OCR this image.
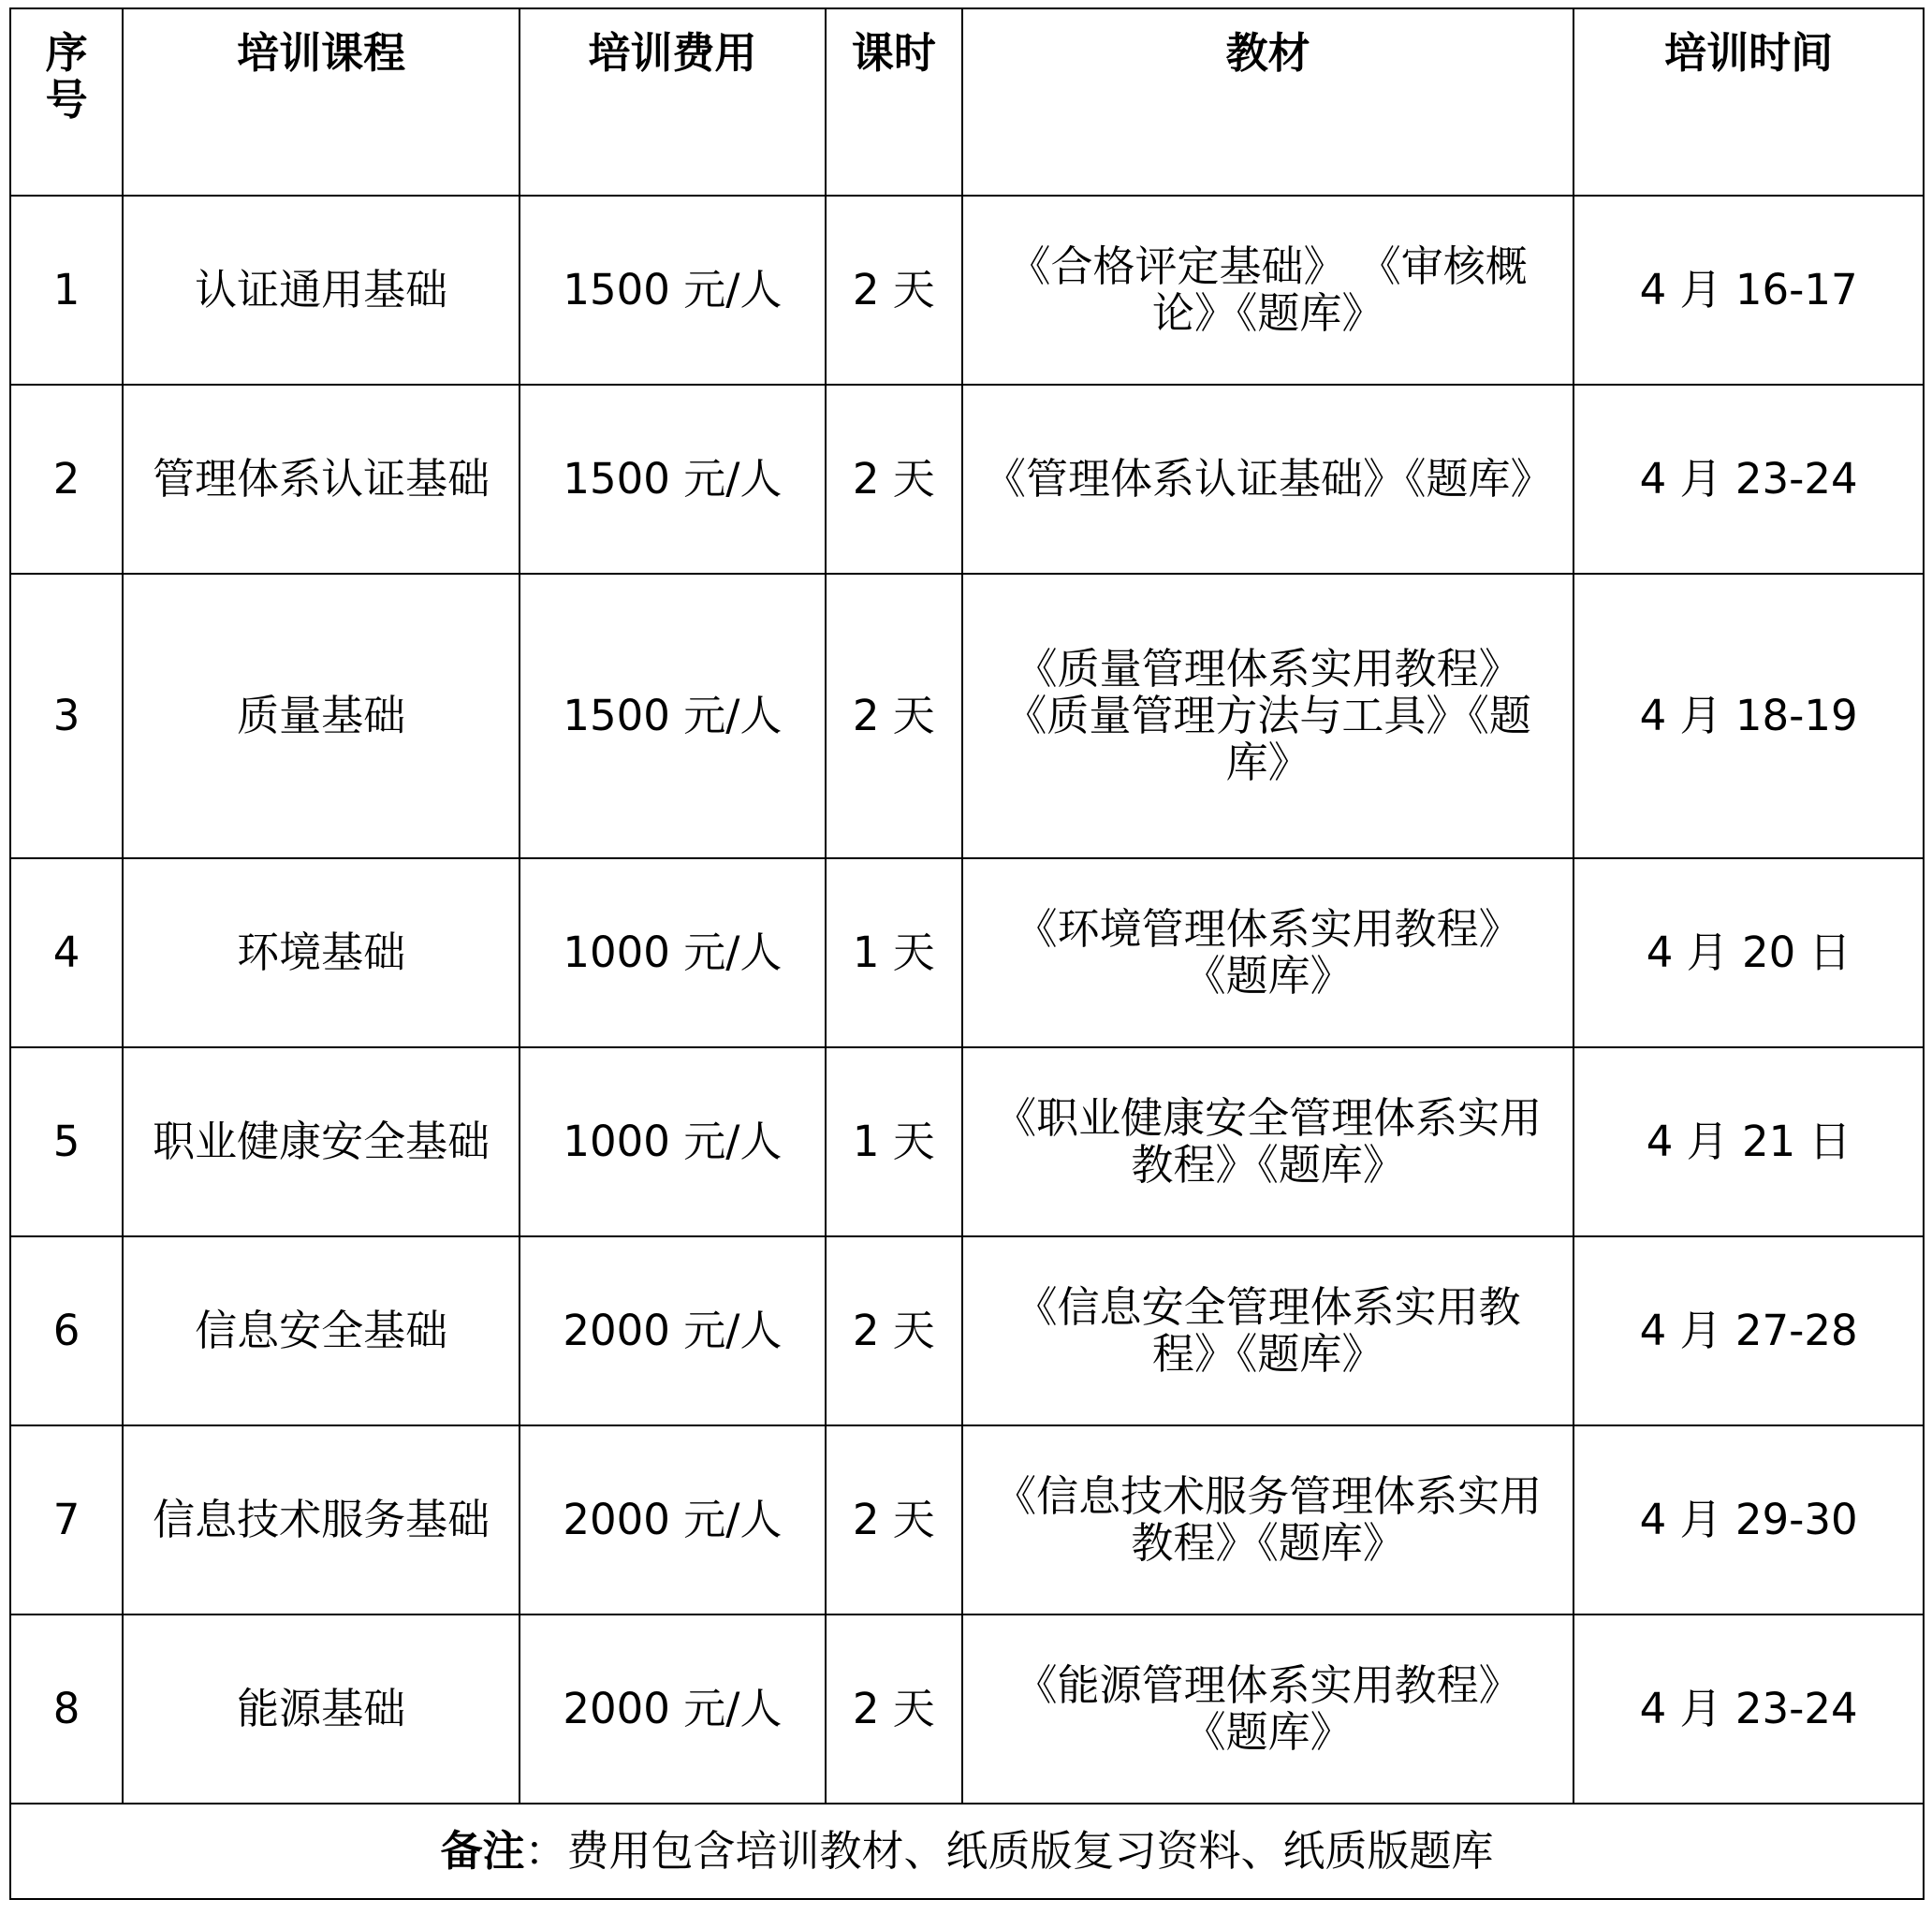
序号	培训课程	培训费用	课时	教材	培训时间
1	认证通用基础	1500 元/人	2 天	《合格评定基础》 《审核概论》《题库》	4 月 16-17
2	管理体系认证基础	1500 元/人	2 天	《管理体系认证基础》《题库》	4 月 23-24
3	质量基础	1500 元/人	2 天	《质量管理体系实用教程》《质量管理方法与工具》《题库》	4 月 18-19
4	环境基础	1000 元/人	1 天	《环境管理体系实用教程》《题库》	4 月 20 日
5	职业健康安全基础	1000 元/人	1 天	《职业健康安全管理体系实用教程》《题库》	4 月 21 日
6	信息安全基础	2000 元/人	2 天	《信息安全管理体系实用教程》《题库》	4 月 27-28
7	信息技术服务基础	2000 元/人	2 天	《信息技术服务管理体系实用教程》《题库》	4 月 29-30
8	能源基础	2000 元/人	2 天	《能源管理体系实用教程》《题库》	4 月 23-24
备注：费用包含培训教材、纸质版复习资料、纸质版题库					
